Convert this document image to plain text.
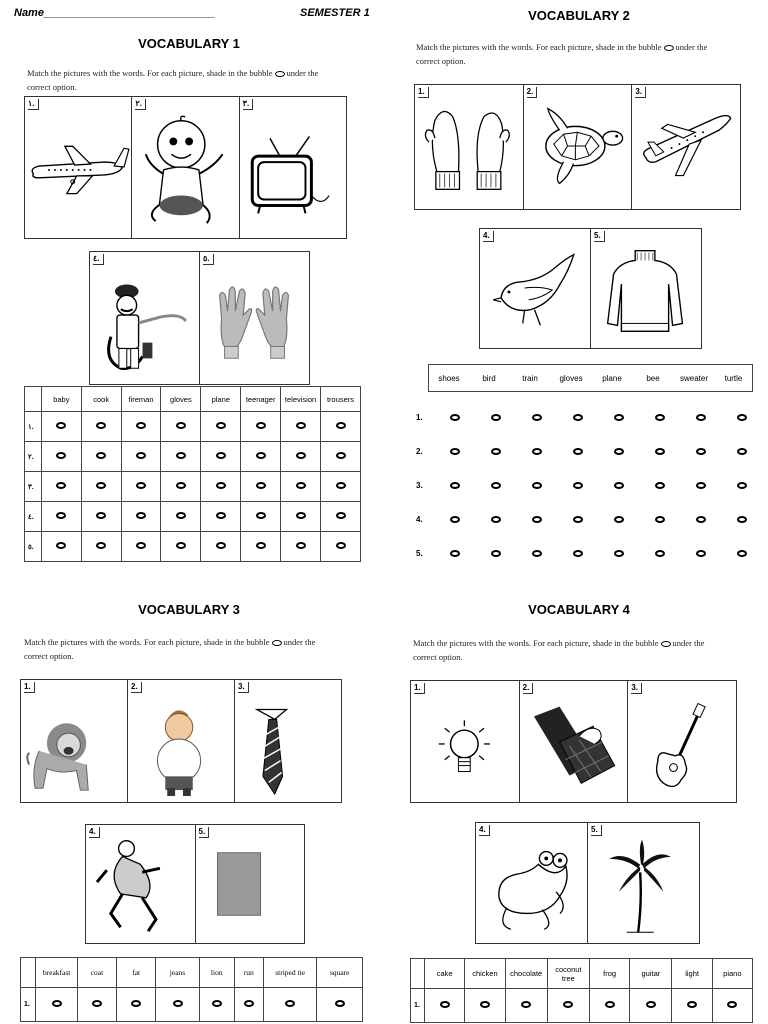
Name____________________________	SEMESTER 1
VOCABULARY 1
Match the pictures with the words. For each picture, shade in the bubble under the
correct option.
١.	٢.	٣.
٤.	٥.
	baby	cook	fireman	gloves	plane	teenager	television	trousers
١.								
٢.								
٣.								
٤.								
٥.								
VOCABULARY 2
Match the pictures with the words. For each picture, shade in the bubble under the
correct option.
1.	2.	3.
4.	5.
shoes	bird	train	gloves	plane	bee	sweater	turtle
1.
2.
3.
4.
5.
VOCABULARY 3
Match the pictures with the words. For each picture, shade in the bubble under the
correct option.
1.	2.	3.
4.	5.
	breakfast	coat	fat	jeans	lion	run	striped tie	square
1.								
VOCABULARY 4
Match the pictures with the words. For each picture, shade in the bubble under the
correct option.
1.	2.	3.
4.	5.
	cake	chicken	chocolate	coconut tree	frog	guitar	light	piano
1.								
